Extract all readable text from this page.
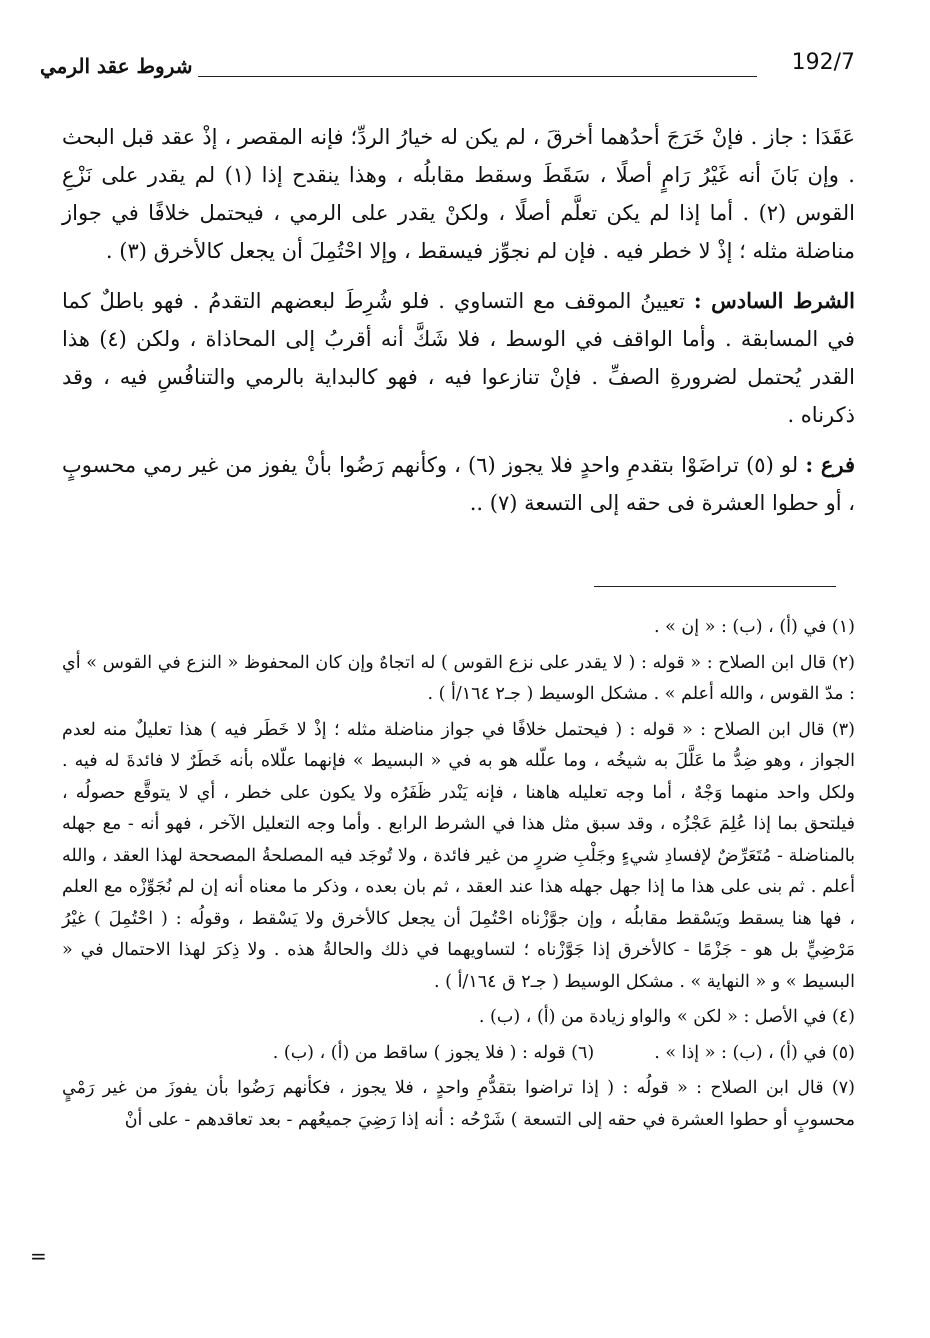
شروط عقد الرمي	192/7

عَقَدَا : جاز . فإنْ خَرَجَ أحدُهما أخرقَ ، لم يكن له خيارُ الردِّ؛ فإنه المقصر ، إذْ عقد قبل البحث . وإن بَانَ أنه غَيْرُ رَامٍ أصلًا ، سَقَطَ وسقط مقابلُه ، وهذا ينقدح إذا (١) لم يقدر على نَزْعِ القوس (٢) . أما إذا لم يكن تعلَّم أصلًا ، ولكنْ يقدر على الرمي ، فيحتمل خلافًا في جواز مناضلة مثله ؛ إذْ لا خطر فيه . فإن لم نجوِّز فيسقط ، وإلا احْتُمِلَ أن يجعل كالأخرق (٣) .

الشرط السادس : تعيينُ الموقف مع التساوي . فلو شُرِطَ لبعضهم التقدمُ . فهو باطلٌ كما في المسابقة . وأما الواقف في الوسط ، فلا شَكَّ أنه أقربُ إلى المحاذاة ، ولكن (٤) هذا القدر يُحتمل لضرورةِ الصفِّ . فإنْ تنازعوا فيه ، فهو كالبداية بالرمي والتنافُسِ فيه ، وقد ذكرناه .

فرع : لو (٥) تراضَوْا بتقدمِ واحدٍ فلا يجوز (٦) ، وكأنهم رَضُوا بأنْ يفوز من غير رمي محسوبٍ ، أو حطوا العشرة فى حقه إلى التسعة (٧) ..

(١) في (أ) ، (ب) : « إن » .

(٢) قال ابن الصلاح : « قوله : ( لا يقدر على نزع القوس ) له اتجاهٌ وإن كان المحفوظ « النزع في القوس » أي : مدّ القوس ، والله أعلم » . مشكل الوسيط ( جـ٢ ١٦٤/أ ) .

(٣) قال ابن الصلاح : « قوله : ( فيحتمل خلافًا في جواز مناضلة مثله ؛ إذْ لا خَطَر فيه ) هذا تعليلٌ منه لعدم الجواز ، وهو ضِدُّ ما عَلَّلَ به شيخُه ، وما علّله هو به في « البسيط » فإنهما علّلاه بأنه خَطَرٌ لا فائدةَ له فيه . ولكل واحد منهما وَجْهٌ ، أما وجه تعليله هاهنا ، فإنه يَنْدر ظَفَرُه ولا يكون على خطر ، أي لا يتوقَّع حصولُه ، فيلتحق بما إذا عُلِمَ عَجْزُه ، وقد سبق مثل هذا في الشرط الرابع . وأما وجه التعليل الآخر ، فهو أنه - مع جهله بالمناضلة - مُتَعَرِّضٌ لإفسادِ شيءٍ وجَلْبِ ضررٍ من غير فائدة ، ولا تُوجَد فيه المصلحةُ المصححة لهذا العقد ، والله أعلم . ثم بنى على هذا ما إذا جهل جهله هذا عند العقد ، ثم بان بعده ، وذكر ما معناه أنه إن لم نُجَوِّزْه مع العلم ، فها هنا يسقط ويَسْقط مقابلُه ، وإن جوَّزْناه احْتُمِلَ أن يجعل كالأخرق ولا يَسْقط ، وقولُه : ( احْتُمِلَ ) غيْرُ مَرْضِيٍّ بل هو - جَزْمًا - كالأخرق إذا جَوَّزْناه ؛ لتساويهما في ذلك والحالةُ هذه . ولا ذِكرَ لهذا الاحتمال في « البسيط » و « النهاية » . مشكل الوسيط ( جـ٢ ق ١٦٤/أ ) .

(٤) في الأصل : « لكن » والواو زيادة من (أ) ، (ب) .

(٥) في (أ) ، (ب) : « إذا » .
(٦) قوله : ( فلا يجوز ) ساقط من (أ) ، (ب) .

(٧) قال ابن الصلاح : « قولُه : ( إذا تراضوا بتقدُّمِ واحدٍ ، فلا يجوز ، فكأنهم رَضُوا بأن يفوزَ من غير رَمْيٍ محسوبٍ أو حطوا العشرة في حقه إلى التسعة ) شَرْحُه : أنه إذا رَضِيَ جميعُهم - بعد تعاقدهم - على أنْ

=
